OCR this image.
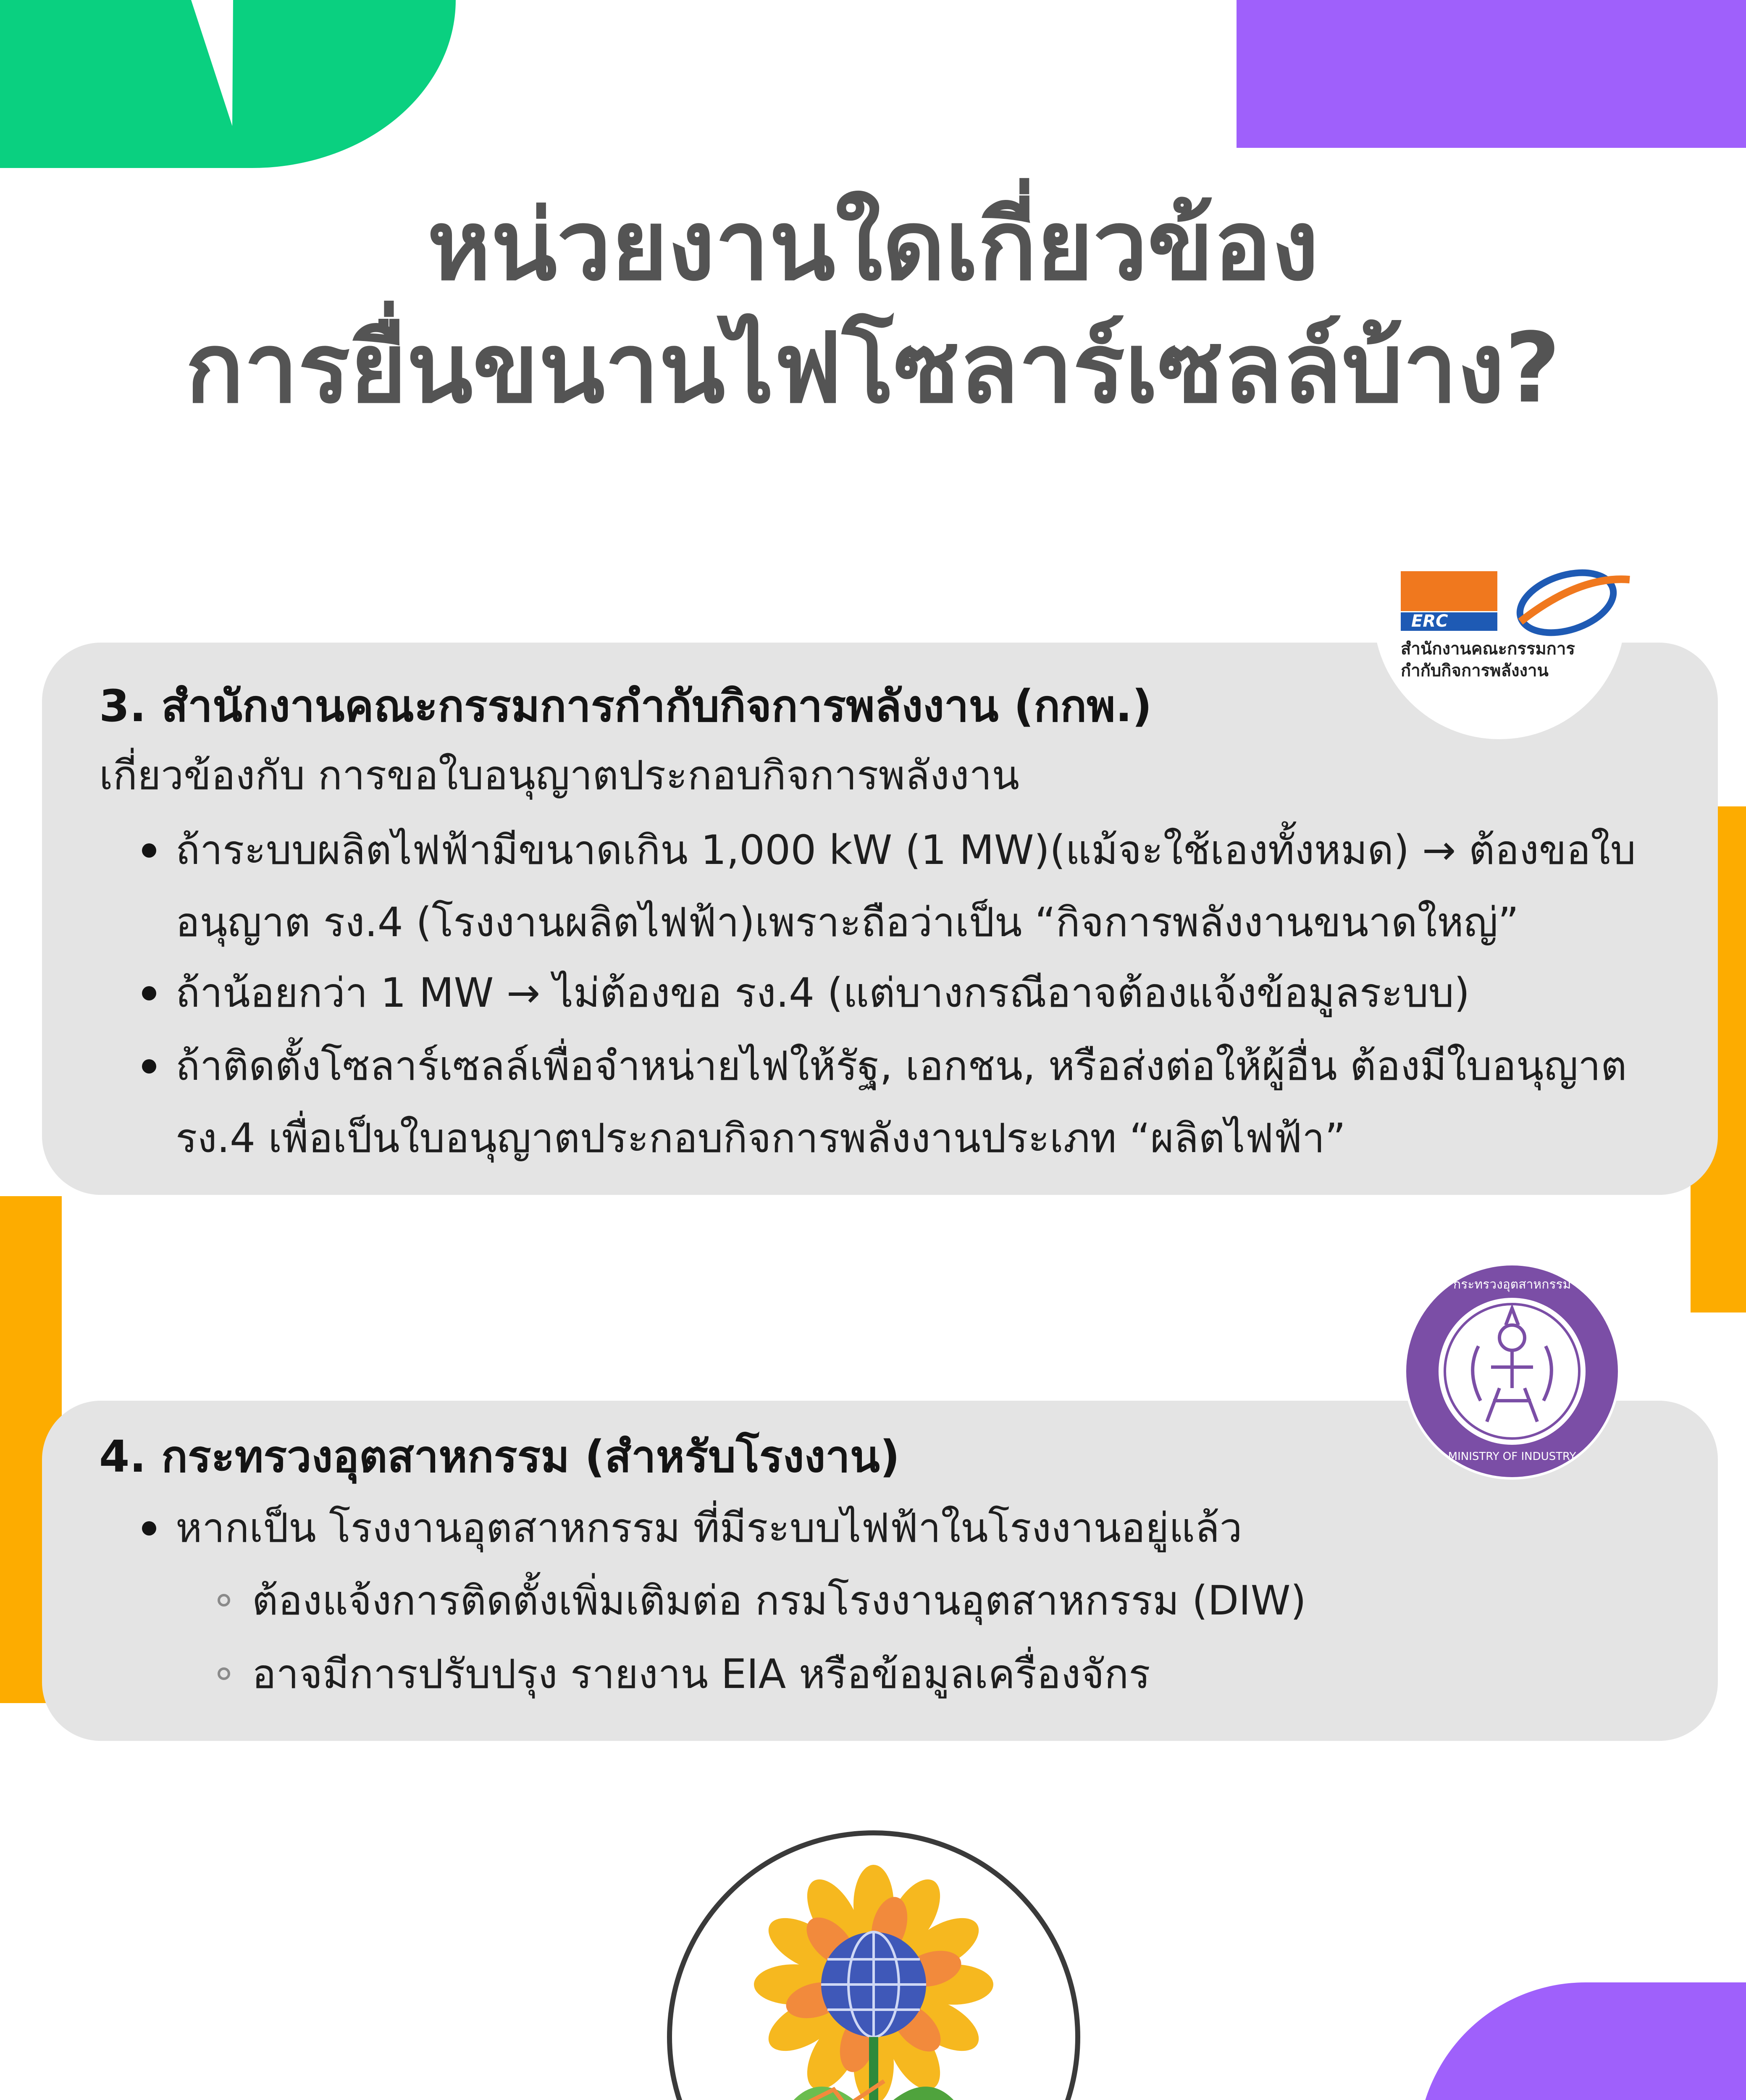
หน่วยงานใดเกี่ยวข้อง
การยื่นขนานไฟโซลาร์เซลล์บ้าง?
3. สำนักงานคณะกรรมการกำกับกิจการพลังงาน (กกพ.)
เกี่ยวข้องกับ การขอใบอนุญาตประกอบกิจการพลังงาน
ถ้าระบบผลิตไฟฟ้ามีขนาดเกิน 1,000 kW (1 MW)(แม้จะใช้เองทั้งหมด) → ต้องขอใบ
อนุญาต รง.4 (โรงงานผลิตไฟฟ้า)เพราะถือว่าเป็น “กิจการพลังงานขนาดใหญ่”
ถ้าน้อยกว่า 1 MW → ไม่ต้องขอ รง.4 (แต่บางกรณีอาจต้องแจ้งข้อมูลระบบ)
ถ้าติดตั้งโซลาร์เซลล์เพื่อจำหน่ายไฟให้รัฐ, เอกชน, หรือส่งต่อให้ผู้อื่น ต้องมีใบอนุญาต
รง.4 เพื่อเป็นใบอนุญาตประกอบกิจการพลังงานประเภท “ผลิตไฟฟ้า”
ERC
สำนักงานคณะกรรมการ
กำกับกิจการพลังงาน
4. กระทรวงอุตสาหกรรม (สำหรับโรงงาน)
หากเป็น โรงงานอุตสาหกรรม ที่มีระบบไฟฟ้าในโรงงานอยู่แล้ว
ต้องแจ้งการติดตั้งเพิ่มเติมต่อ กรมโรงงานอุตสาหกรรม (DIW)
อาจมีการปรับปรุง รายงาน EIA หรือข้อมูลเครื่องจักร
กระทรวงอุตสาหกรรม
MINISTRY OF INDUSTRY
